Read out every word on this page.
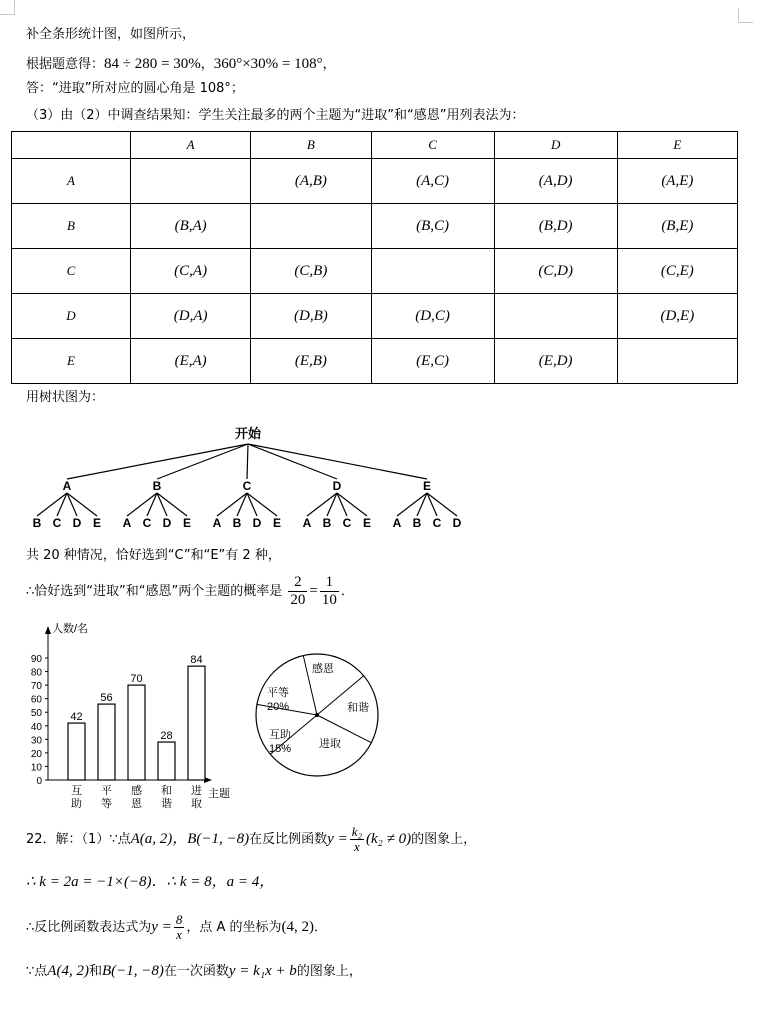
补全条形统计图，如图所示，
根据题意得：84 ÷ 280 = 30%，360°×30% = 108°，
答：“进取”所对应的圆心角是 108°；
（3）由（2）中调查结果知：学生关注最多的两个主题为“进取”和“感恩”用列表法为：
	A	B	C	D	E
A		(A,B)	(A,C)	(A,D)	(A,E)
B	(B,A)		(B,C)	(B,D)	(B,E)
C	(C,A)	(C,B)		(C,D)	(C,E)
D	(D,A)	(D,B)	(D,C)		(D,E)
E	(E,A)	(E,B)	(E,C)	(E,D)	
用树状图为：
开始
A
B C D E
B
A C D E
C
A B D E
D
A B C E
E
A B C D
共 20 种情况，恰好选到“C”和“E”有 2 种，
∴恰好选到“进取”和“感恩”两个主题的概率是 $\frac{2}{20} = \frac{1}{10}$ ．
人数/名
主题
0
10
20
30
40
50
60
70
80
90
42
互
助
56
平
等
70
感
恩
28
和
谐
84
进
取
感恩
和谐
进取
互助
15%
平等
20%
22．解：（1）∵点A(a, 2)，B(−1, −8)在反比例函数$y = \frac{\text{k₂}}{x} (k_2 \ne 0)$的图象上，
∴ k = 2a = −1×(−8)．∴ k = 8，a = 4，
∴反比例函数表达式为$y = \frac{8}{x}$ ，点 A 的坐标为(4, 2)．
∵点A(4, 2)和B(−1, −8)在一次函数y = k₁x + b的图象上，
